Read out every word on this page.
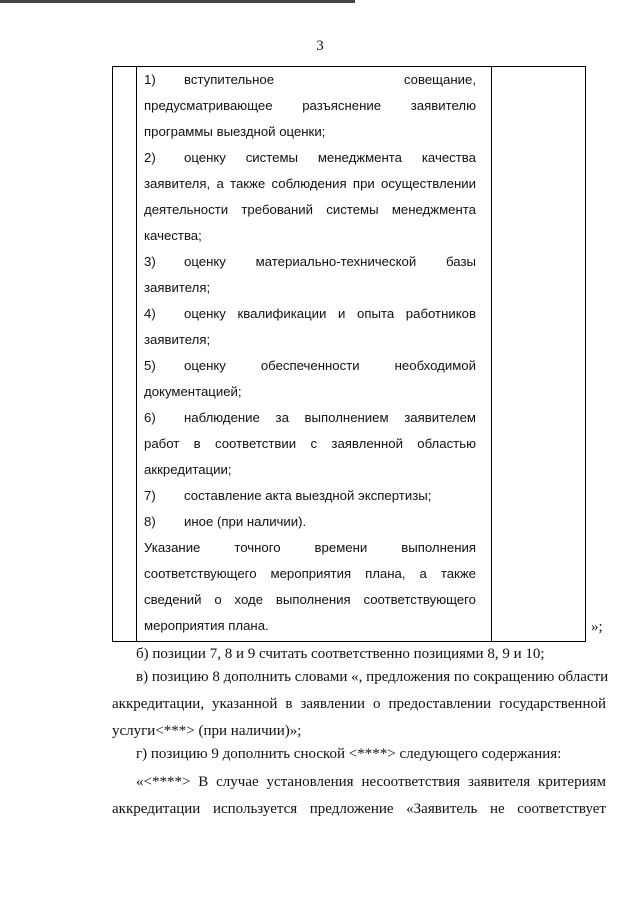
3
1) вступительное совещание,
предусматривающее разъяснение заявителю
программы выездной оценки;
2) оценку системы менеджмента качества
заявителя, а также соблюдения при осуществлении
деятельности требований системы менеджмента
качества;
3) оценку материально-технической базы
заявителя;
4) оценку квалификации и опыта работников
заявителя;
5) оценку обеспеченности необходимой
документацией;
6) наблюдение за выполнением заявителем
работ в соответствии с заявленной областью
аккредитации;
7) составление акта выездной экспертизы;
8) иное (при наличии).
Указание точного времени выполнения
соответствующего мероприятия плана, а также
сведений о ходе выполнения соответствующего
мероприятия плана.	»;
б) позиции 7, 8 и 9 считать соответственно позициями 8, 9 и 10;
в) позицию 8 дополнить словами «, предложения по сокращению области
аккредитации, указанной в заявлении о предоставлении государственной
услуги<***> (при наличии)»;
г) позицию 9 дополнить сноской <****> следующего содержания:
«<****> В случае установления несоответствия заявителя критериям
аккредитации используется предложение «Заявитель не соответствует
